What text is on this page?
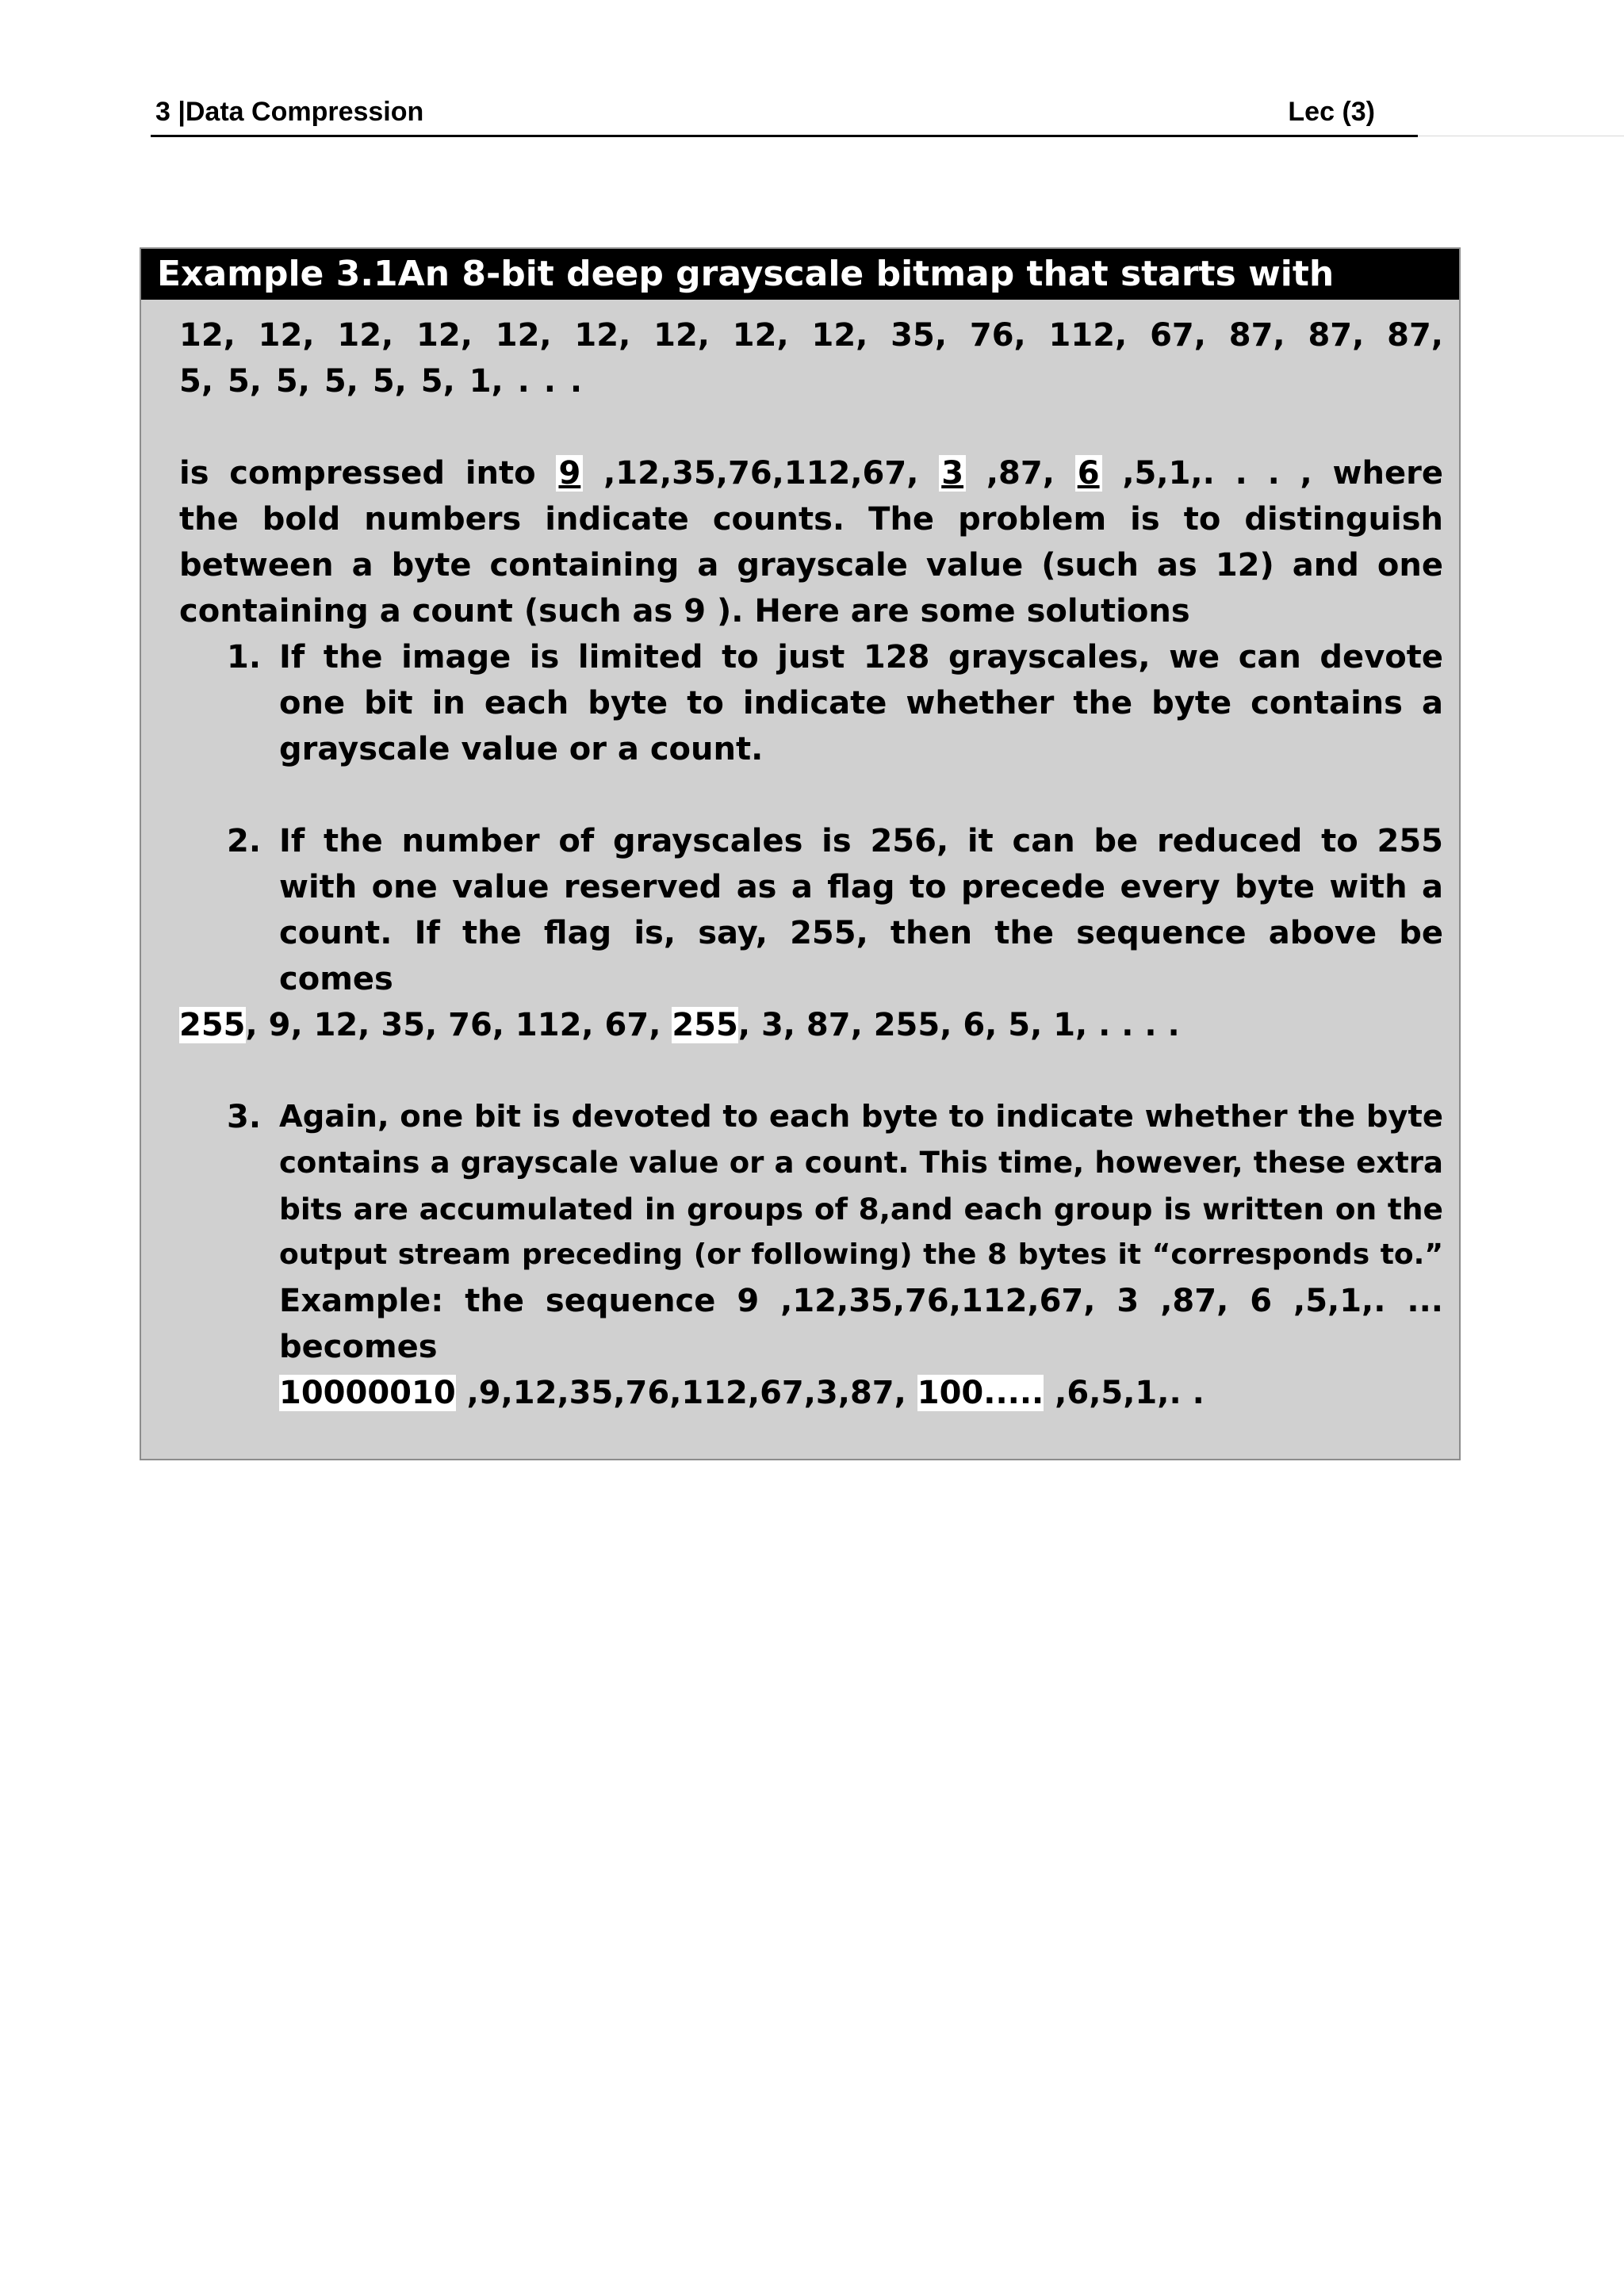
3 |Data Compression	Lec (3)
Example 3.1An 8-bit deep grayscale bitmap that starts with
12, 12, 12, 12, 12, 12, 12, 12, 12, 35, 76, 112, 67, 87, 87, 87,
5, 5, 5, 5, 5, 5, 1, . . .
is compressed into 9 ,12,35,76,112,67, 3 ,87, 6 ,5,1,. . . , where
the bold numbers indicate counts. The problem is to distinguish
between a byte containing a grayscale value (such as 12) and one
containing a count (such as 9 ). Here are some solutions
1. If the image is limited to just 128 grayscales, we can devote
one bit in each byte to indicate whether the byte contains a
grayscale value or a count.
2. If the number of grayscales is 256, it can be reduced to 255
with one value reserved as a flag to precede every byte with a
count. If the flag is, say, 255, then the sequence above be
comes
255, 9, 12, 35, 76, 112, 67, 255, 3, 87, 255, 6, 5, 1, . . . .
3. Again, one bit is devoted to each byte to indicate whether the byte
contains a grayscale value or a count. This time, however, these extra
bits are accumulated in groups of 8,and each group is written on the
output stream preceding (or following) the 8 bytes it “corresponds to.”
Example: the sequence 9 ,12,35,76,112,67, 3 ,87, 6 ,5,1,. ...
becomes
10000010 ,9,12,35,76,112,67,3,87, 100..... ,6,5,1,. .
